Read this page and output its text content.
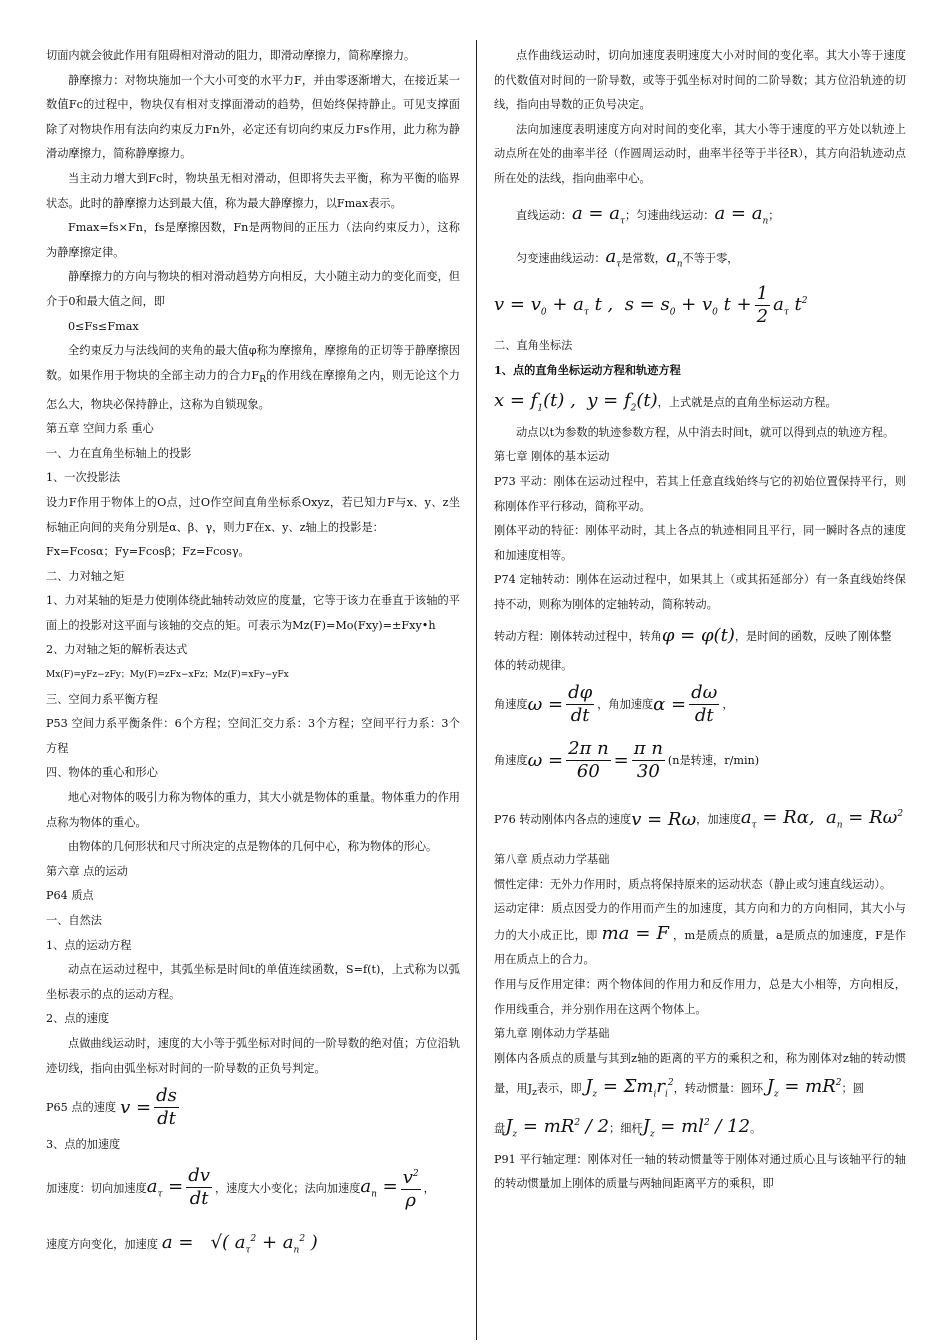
切面内就会彼此作用有阻碍相对滑动的阻力，即滑动摩擦力，简称摩擦力。

静摩擦力：对物块施加一个大小可变的水平力F，并由零逐渐增大，在接近某一数值Fc的过程中，物块仅有相对支撑面滑动的趋势，但始终保持静止。可见支撑面除了对物块作用有法向约束反力Fn外，必定还有切向约束反力Fs作用，此力称为静滑动摩擦力，简称静摩擦力。

当主动力增大到Fc时，物块虽无相对滑动，但即将失去平衡，称为平衡的临界状态。此时的静摩擦力达到最大值，称为最大静摩擦力，以Fmax表示。

Fmax=fs×Fn，fs是摩擦因数，Fn是两物间的正压力（法向约束反力），这称为静摩擦定律。

静摩擦力的方向与物块的相对滑动趋势方向相反，大小随主动力的变化而变，但介于0和最大值之间，即

0≤Fs≤Fmax

全约束反力与法线间的夹角的最大值φ称为摩擦角，摩擦角的正切等于静摩擦因数。如果作用于物块的全部主动力的合力$F_R$的作用线在摩擦角之内，则无论这个力怎么大，物块必保持静止，这称为自锁现象。

第五章 空间力系 重心

一、力在直角坐标轴上的投影

1、一次投影法

设力F作用于物体上的O点，过O作空间直角坐标系Oxyz，若已知力F与x、y、z坐标轴正向间的夹角分别是α、β、γ，则力F在x、y、z轴上的投影是：

Fx=Fcosα；Fy=Fcosβ；Fz=Fcosγ。

二、力对轴之矩

1、力对某轴的矩是力使刚体绕此轴转动效应的度量，它等于该力在垂直于该轴的平面上的投影对这平面与该轴的交点的矩。可表示为Mz(F)=Mo(Fxy)=±Fxy•h

2、力对轴之矩的解析表达式

Mx(F)=yFz−zFy；My(F)=zFx−xFz；Mz(F)=xFy−yFx

三、空间力系平衡方程

P53 空间力系平衡条件：6个方程；空间汇交力系：3个方程；空间平行力系：3个方程

四、物体的重心和形心

地心对物体的吸引力称为物体的重力，其大小就是物体的重量。物体重力的作用点称为物体的重心。

由物体的几何形状和尺寸所决定的点是物体的几何中心，称为物体的形心。

第六章 点的运动

P64 质点

一、自然法

1、点的运动方程

动点在运动过程中，其弧坐标是时间t的单值连续函数，S=f(t)，上式称为以弧坐标表示的点的运动方程。

2、点的速度

点做曲线运动时，速度的大小等于弧坐标对时间的一阶导数的绝对值；方位沿轨迹切线，指向由弧坐标对时间的一阶导数的正负号判定。

P65 点的速度 $v = \frac{ds}{dt}$

3、点的加速度

加速度：切向加速度 $a_\tau = \frac{dv}{dt}$ ，速度大小变化；法向加速度 $a_n = \frac{v^2}{\rho}$ ，
速度方向变化，加速度 a =   √( $a_\tau^2 + a_n^2$ )

点作曲线运动时，切向加速度表明速度大小对时间的变化率。其大小等于速度的代数值对时间的一阶导数，或等于弧坐标对时间的二阶导数；其方位沿轨迹的切线，指向由导数的正负号决定。

法向加速度表明速度方向对时间的变化率，其大小等于速度的平方处以轨迹上动点所在处的曲率半径（作圆周运动时，曲率半径等于半径R），其方向沿轨迹动点所在处的法线，指向曲率中心。

直线运动： $a = a_\tau$ ；匀速曲线运动： $a = a_n$ ；
匀变速曲线运动： $a_\tau$ 是常数， $a_n$ 不等于零，
$v = v_0 + a_\tau$ t ,  $s = s_0 + v_0$ $t + \frac{1}{2} a_\tau$ $t^2$

二、直角坐标法

1、点的直角坐标运动方程和轨迹方程

$x = f_1(t)$ ,  $y = f_2(t)$ ，上式就是点的直角坐标运动方程。

动点以t为参数的轨迹参数方程，从中消去时间t，就可以得到点的轨迹方程。

第七章 刚体的基本运动

P73 平动：刚体在运动过程中，若其上任意直线始终与它的初始位置保持平行，则称刚体作平行移动，简称平动。

刚体平动的特征：刚体平动时，其上各点的轨迹相同且平行，同一瞬时各点的速度和加速度相等。

P74 定轴转动：刚体在运动过程中，如果其上（或其拓延部分）有一条直线始终保持不动，则称为刚体的定轴转动，简称转动。

转动方程：刚体转动过程中，转角 φ = φ(t) ，是时间的函数，反映了刚体整

体的转动规律。

角速度 $\omega = \frac{d\varphi}{dt}$ ，角加速度 $\alpha = \frac{d\omega}{dt}$ ，
角速度 $\omega = \frac{\text{2π n}}{60} = \frac{\text{π n}}{30} (n$是转速，r/min)
P76 转动刚体内各点的速度 v = Rω ，加速度 $a_\tau = R\alpha$,  $a_n = R\omega^2$

第八章 质点动力学基础

惯性定律：无外力作用时，质点将保持原来的运动状态（静止或匀速直线运动）。

运动定律：质点因受力的作用而产生的加速度，其方向和力的方向相同，其大小与力的大小成正比，即 ma = F ，m是质点的质量，a是质点的加速度，F是作用在质点上的合力。

作用与反作用定律：两个物体间的作用力和反作用力，总是大小相等，方向相反，作用线重合，并分别作用在这两个物体上。

第九章 刚体动力学基础

刚体内各质点的质量与其到z轴的距离的平方的乘积之和，称为刚体对z轴的转动惯量，用$J_z$表示，即 $J_z = \Sigma m_ir_i^2$，转动惯量：圆环 $J_z = mR^2$；圆

盘 $J_z = mR^2 / 2$ ；细杆 $J_z = ml^2 / 12$ 。

P91 平行轴定理：刚体对任一轴的转动惯量等于刚体对通过质心且与该轴平行的轴的转动惯量加上刚体的质量与两轴间距离平方的乘积，即
